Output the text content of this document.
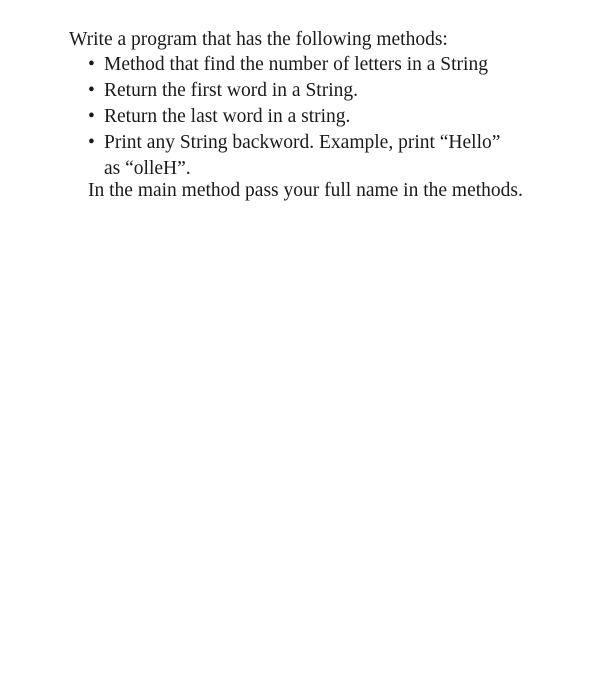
Write a program that has the following methods:
• Method that find the number of letters in a String
• Return the first word in a String.
• Return the last word in a string.
• Print any String backword. Example, print “Hello”
as “olleH”.
In the main method pass your full name in the methods.
